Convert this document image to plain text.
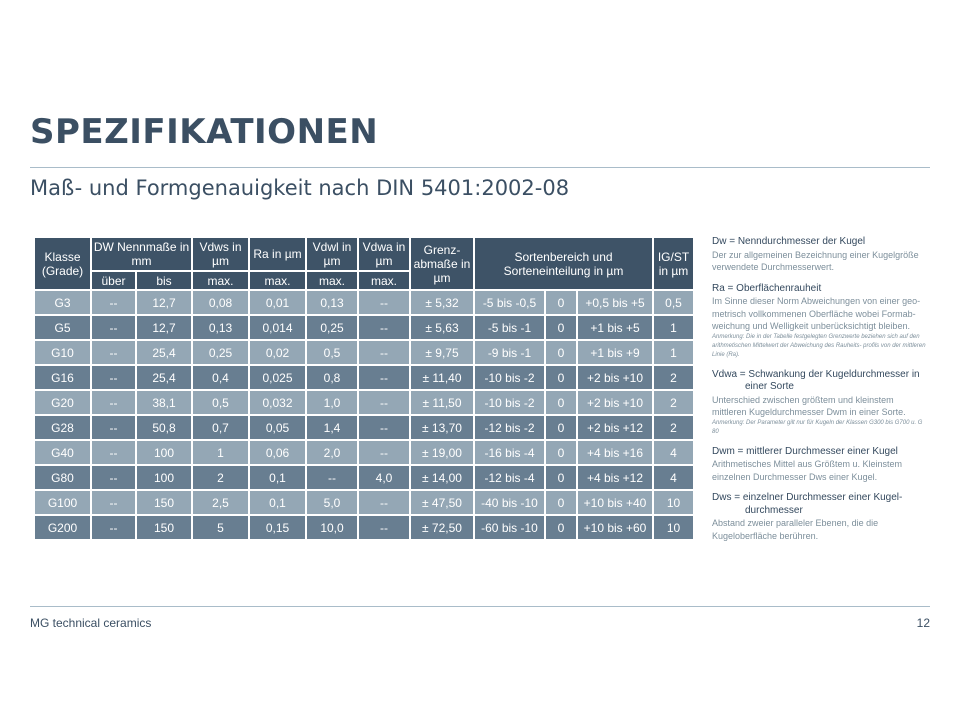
SPEZIFIKATIONEN
Maß- und Formgenauigkeit nach DIN 5401:2002-08
Klasse (Grade)	DW Nennmaße in mm		Vdws in µm	Ra in µm	Vdwl in µm	Vdwa in µm	Grenz- abmaße in µm	Sortenbereich und Sorteneinteilung in µm			IG/ST in µm
	über	bis	max.	max.	max.	max.					
G3	--	12,7	0,08	0,01	0,13	--	± 5,32	-5 bis -0,5	0	+0,5 bis +5	0,5
G5	--	12,7	0,13	0,014	0,25	--	± 5,63	-5 bis -1	0	+1 bis +5	1
G10	--	25,4	0,25	0,02	0,5	--	± 9,75	-9 bis -1	0	+1 bis +9	1
G16	--	25,4	0,4	0,025	0,8	--	± 11,40	-10 bis -2	0	+2 bis +10	2
G20	--	38,1	0,5	0,032	1,0	--	± 11,50	-10 bis -2	0	+2 bis +10	2
G28	--	50,8	0,7	0,05	1,4	--	± 13,70	-12 bis -2	0	+2 bis +12	2
G40	--	100	1	0,06	2,0	--	± 19,00	-16 bis -4	0	+4 bis +16	4
G80	--	100	2	0,1	--	4,0	± 14,00	-12 bis -4	0	+4 bis +12	4
G100	--	150	2,5	0,1	5,0	--	± 47,50	-40 bis -10	0	+10 bis +40	10
G200	--	150	5	0,15	10,0	--	± 72,50	-60 bis -10	0	+10 bis +60	10

Dw = Nenndurchmesser der Kugel

Der zur allgemeinen Bezeichnung einer Kugelgröße verwendete Durchmesserwert.

Ra = Oberflächenrauheit

Im Sinne dieser Norm Abweichungen von einer geo- metrisch vollkommenen Oberfläche wobei Formab- weichung und Welligkeit unberücksichtigt bleiben.

Anmerkung: Die in der Tabelle festgelegten Grenzwerte beziehen sich auf den arithmetischen Mittelwert der Abweichung des Rauheits- profils von der mittleren Linie (Ra).

Vdwa = Schwankung der Kugeldurchmesser in
einer Sorte

Unterschied zwischen größtem und kleinstem mittleren Kugeldurchmesser Dwm in einer Sorte.

Anmerkung: Der Parameter gilt nur für Kugeln der Klassen G300 bis G700 u. G 80

Dwm = mittlerer Durchmesser einer Kugel

Arithmetisches Mittel aus Größtem u. Kleinstem einzelnen Durchmesser Dws einer Kugel.

Dws = einzelner Durchmesser einer Kugel-
durchmesser

Abstand zweier paralleler Ebenen, die die Kugeloberfläche berühren.

MG technical ceramics	12
